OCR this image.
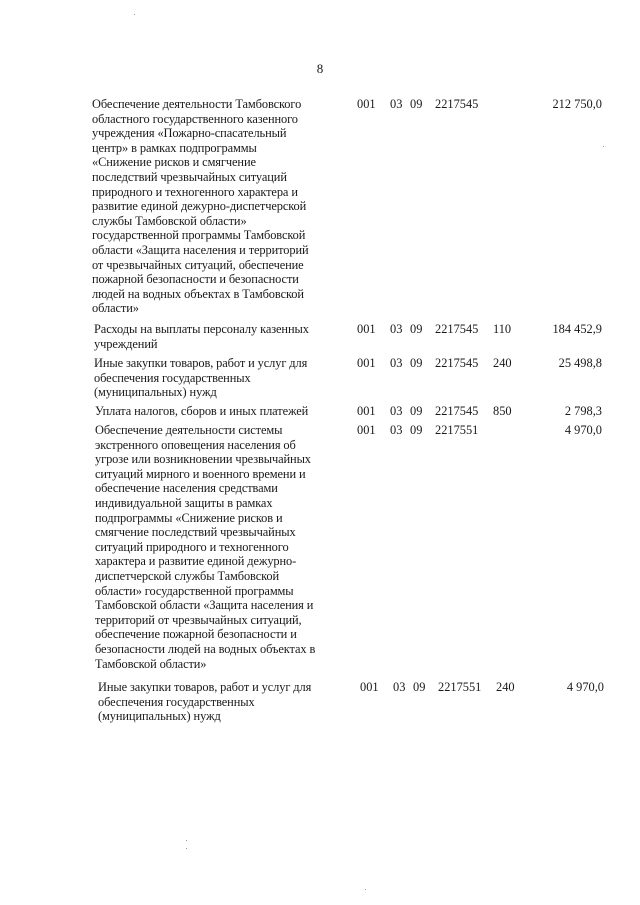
8
Обеспечение деятельности Тамбовского
областного государственного казенного
учреждения «Пожарно-спасательный
центр» в рамках подпрограммы
«Снижение рисков и смягчение
последствий чрезвычайных ситуаций
природного и техногенного характера и
развитие единой дежурно-диспетчерской
службы Тамбовской области»
государственной программы Тамбовской
области «Защита населения и территорий
от чрезвычайных ситуаций, обеспечение
пожарной безопасности и безопасности
людей на водных объектах в Тамбовской
области»
001 03 09 2217545	212 750,0
Расходы на выплаты персоналу казенных
учреждений
001 03 09 2217545 110	184 452,9
Иные закупки товаров, работ и услуг для
обеспечения государственных
(муниципальных) нужд
001 03 09 2217545 240	25 498,8
Уплата налогов, сборов и иных платежей	001 03 09 2217545 850	2 798,3
Обеспечение деятельности системы
экстренного оповещения населения об
угрозе или возникновении чрезвычайных
ситуаций мирного и военного времени и
обеспечение населения средствами
индивидуальной защиты в рамках
подпрограммы «Снижение рисков и
смягчение последствий чрезвычайных
ситуаций природного и техногенного
характера и развитие единой дежурно-
диспетчерской службы Тамбовской
области» государственной программы
Тамбовской области «Защита населения и
территорий от чрезвычайных ситуаций,
обеспечение пожарной безопасности и
безопасности людей на водных объектах в
Тамбовской области»
001 03 09 2217551	4 970,0
Иные закупки товаров, работ и услуг для
обеспечения государственных
(муниципальных) нужд
001 03 09 2217551 240	4 970,0
